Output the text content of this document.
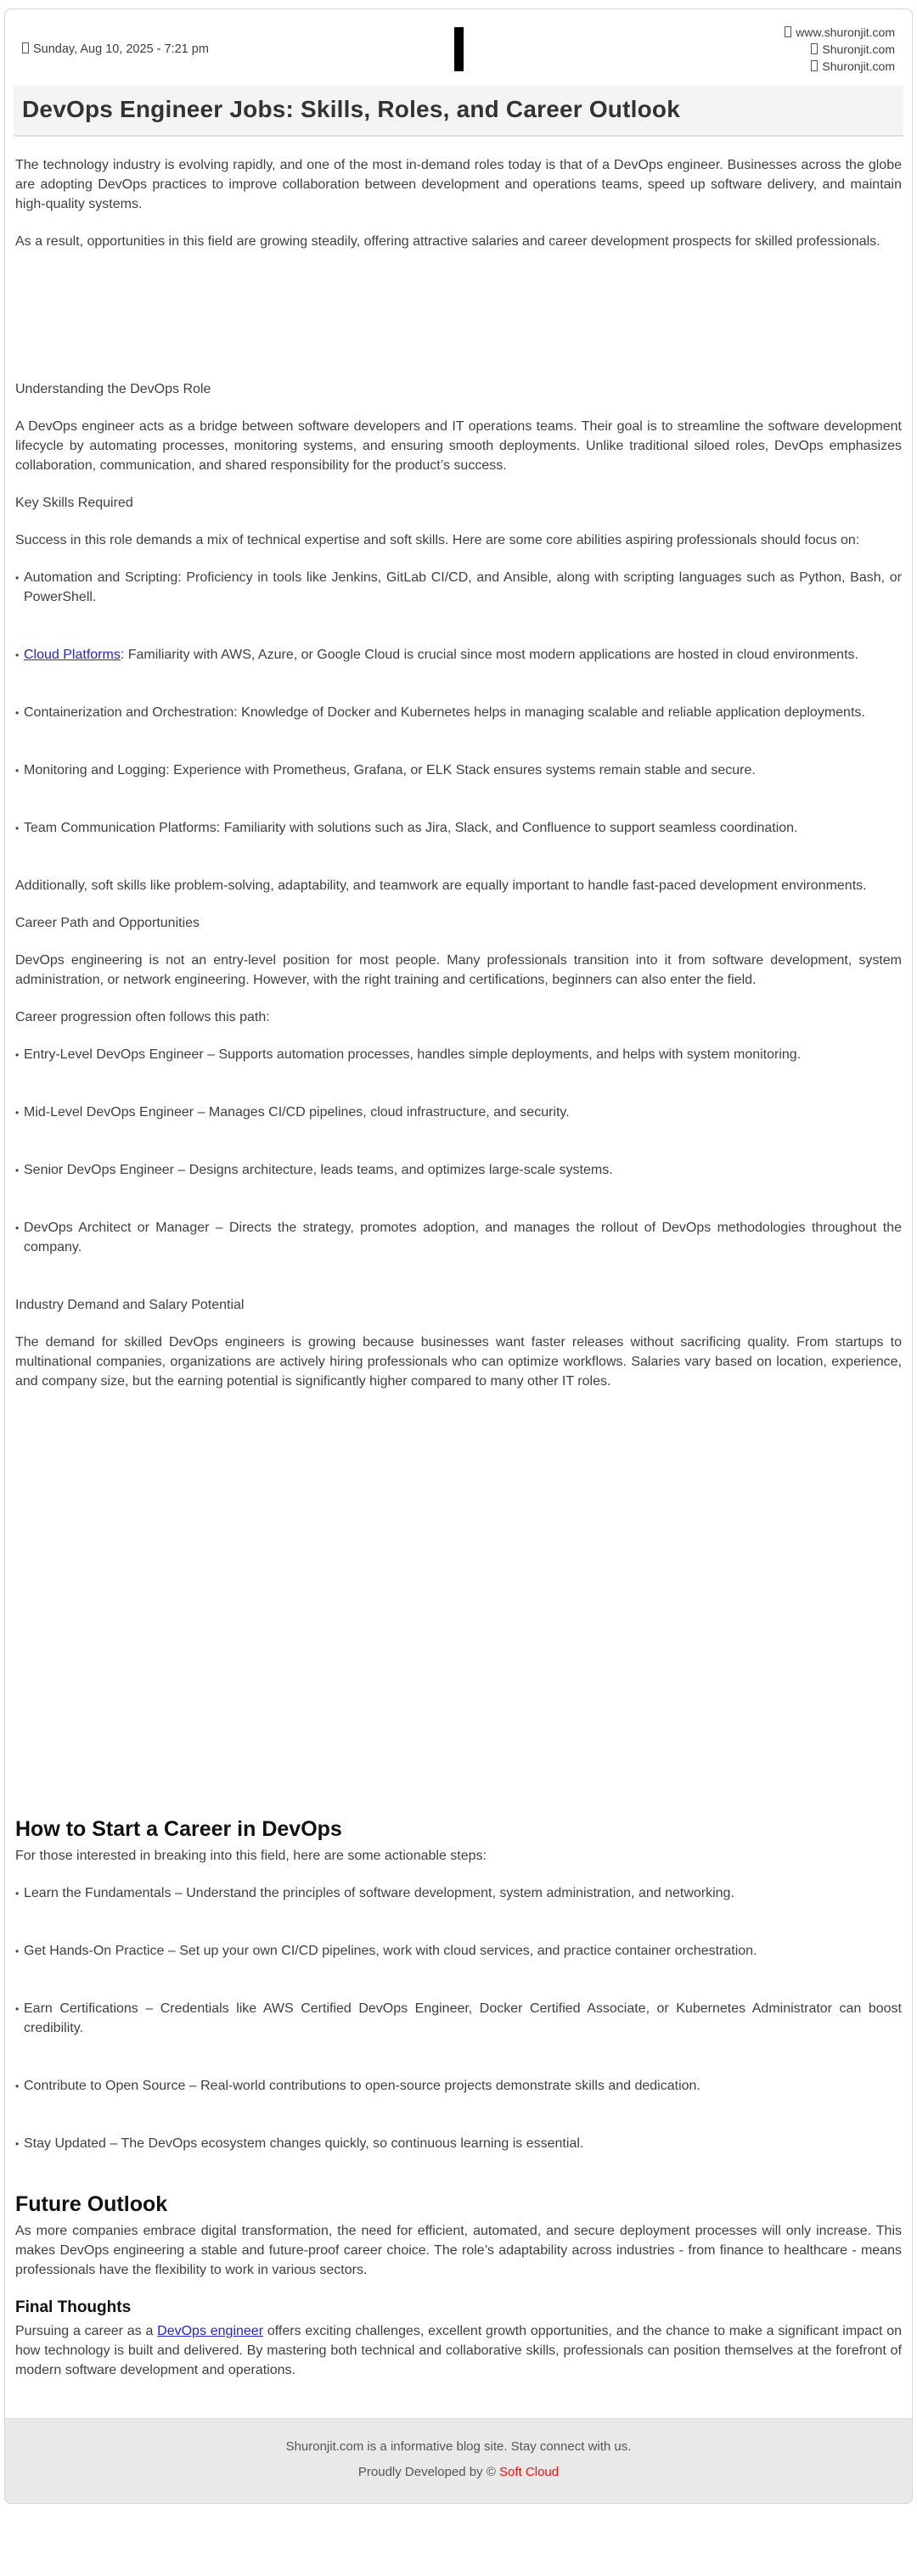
Sunday, Aug 10, 2025 - 7:21 pm
www.shuronjit.com
Shuronjit.com
Shuronjit.com
DevOps Engineer Jobs: Skills, Roles, and Career Outlook

The technology industry is evolving rapidly, and one of the most in-demand roles today is that of a DevOps engineer. Businesses across the globe are adopting DevOps practices to improve collaboration between development and operations teams, speed up software delivery, and maintain high-quality systems.

As a result, opportunities in this field are growing steadily, offering attractive salaries and career development prospects for skilled professionals.

Understanding the DevOps Role

A DevOps engineer acts as a bridge between software developers and IT operations teams. Their goal is to streamline the software development lifecycle by automating processes, monitoring systems, and ensuring smooth deployments. Unlike traditional siloed roles, DevOps emphasizes collaboration, communication, and shared responsibility for the product’s success.

Key Skills Required

Success in this role demands a mix of technical expertise and soft skills. Here are some core abilities aspiring professionals should focus on:

•
Automation and Scripting: Proficiency in tools like Jenkins, GitLab CI/CD, and Ansible, along with scripting languages such as Python, Bash, or PowerShell.
•
Cloud Platforms: Familiarity with AWS, Azure, or Google Cloud is crucial since most modern applications are hosted in cloud environments.
•
Containerization and Orchestration: Knowledge of Docker and Kubernetes helps in managing scalable and reliable application deployments.
•
Monitoring and Logging: Experience with Prometheus, Grafana, or ELK Stack ensures systems remain stable and secure.
•
Team Communication Platforms: Familiarity with solutions such as Jira, Slack, and Confluence to support seamless coordination.

Additionally, soft skills like problem-solving, adaptability, and teamwork are equally important to handle fast-paced development environments.

Career Path and Opportunities

DevOps engineering is not an entry-level position for most people. Many professionals transition into it from software development, system administration, or network engineering. However, with the right training and certifications, beginners can also enter the field.

Career progression often follows this path:

•
Entry-Level DevOps Engineer – Supports automation processes, handles simple deployments, and helps with system monitoring.
•
Mid-Level DevOps Engineer – Manages CI/CD pipelines, cloud infrastructure, and security.
•
Senior DevOps Engineer – Designs architecture, leads teams, and optimizes large-scale systems.
•
DevOps Architect or Manager – Directs the strategy, promotes adoption, and manages the rollout of DevOps methodologies throughout the company.
Industry Demand and Salary Potential

The demand for skilled DevOps engineers is growing because businesses want faster releases without sacrificing quality. From startups to multinational companies, organizations are actively hiring professionals who can optimize workflows. Salaries vary based on location, experience, and company size, but the earning potential is significantly higher compared to many other IT roles.

How to Start a Career in DevOps

For those interested in breaking into this field, here are some actionable steps:

•
Learn the Fundamentals – Understand the principles of software development, system administration, and networking.
•
Get Hands-On Practice – Set up your own CI/CD pipelines, work with cloud services, and practice container orchestration.
•
Earn Certifications – Credentials like AWS Certified DevOps Engineer, Docker Certified Associate, or Kubernetes Administrator can boost credibility.
•
Contribute to Open Source – Real-world contributions to open-source projects demonstrate skills and dedication.
•
Stay Updated – The DevOps ecosystem changes quickly, so continuous learning is essential.
Future Outlook

As more companies embrace digital transformation, the need for efficient, automated, and secure deployment processes will only increase. This makes DevOps engineering a stable and future-proof career choice. The role’s adaptability across industries - from finance to healthcare - means professionals have the flexibility to work in various sectors.

Final Thoughts

Pursuing a career as a DevOps engineer offers exciting challenges, excellent growth opportunities, and the chance to make a significant impact on how technology is built and delivered. By mastering both technical and collaborative skills, professionals can position themselves at the forefront of modern software development and operations.

Shuronjit.com is a informative blog site. Stay connect with us.

Proudly Developed by © Soft Cloud
